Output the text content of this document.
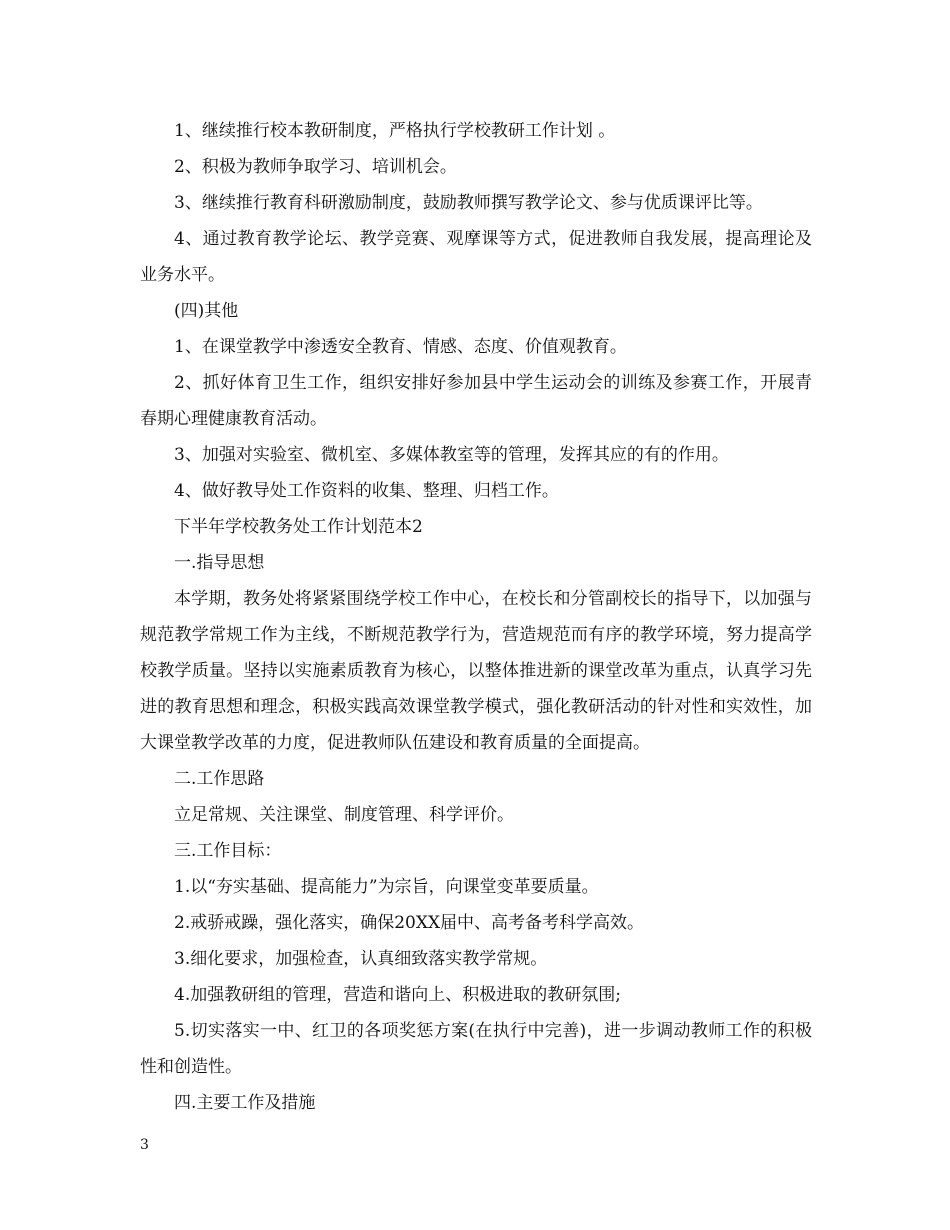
1、继续推行校本教研制度，严格执行学校教研工作计划 。

2、积极为教师争取学习、培训机会。

3、继续推行教育科研激励制度，鼓励教师撰写教学论文、参与优质课评比等。

4、通过教育教学论坛、教学竞赛、观摩课等方式，促进教师自我发展，提高理论及业务水平。

(四)其他

1、在课堂教学中渗透安全教育、情感、态度、价值观教育。

2、抓好体育卫生工作，组织安排好参加县中学生运动会的训练及参赛工作，开展青春期心理健康教育活动。

3、加强对实验室、微机室、多媒体教室等的管理，发挥其应的有的作用。

4、做好教导处工作资料的收集、整理、归档工作。

下半年学校教务处工作计划范本2

一.指导思想

本学期，教务处将紧紧围绕学校工作中心，在校长和分管副校长的指导下，以加强与规范教学常规工作为主线，不断规范教学行为，营造规范而有序的教学环境，努力提高学校教学质量。坚持以实施素质教育为核心，以整体推进新的课堂改革为重点，认真学习先进的教育思想和理念，积极实践高效课堂教学模式，强化教研活动的针对性和实效性，加大课堂教学改革的力度，促进教师队伍建设和教育质量的全面提高。

二.工作思路

立足常规、关注课堂、制度管理、科学评价。

三.工作目标：

1.以“夯实基础、提高能力”为宗旨，向课堂变革要质量。

2.戒骄戒躁，强化落实，确保20XX届中、高考备考科学高效。

3.细化要求，加强检查，认真细致落实教学常规。

4.加强教研组的管理，营造和谐向上、积极进取的教研氛围;

5.切实落实一中、红卫的各项奖惩方案(在执行中完善)，进一步调动教师工作的积极性和创造性。

四.主要工作及措施

3
